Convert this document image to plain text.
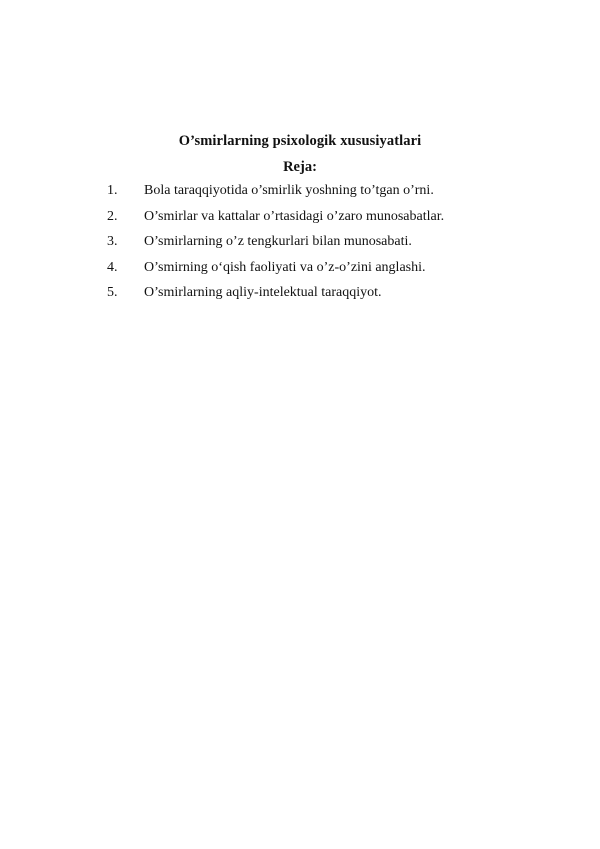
O’smirlarning psixologik xususiyatlari
Reja:
1. Bola taraqqiyotida o’smirlik yoshning to’tgan o’rni.
2. O’smirlar va kattalar o’rtasidagi o’zaro munosabatlar.
3. O’smirlarning o’z tengkurlari bilan munosabati.
4. O’smirning o‘qish faoliyati va o’z-o’zini anglashi.
5. O’smirlarning aqliy-intelektual taraqqiyot.
